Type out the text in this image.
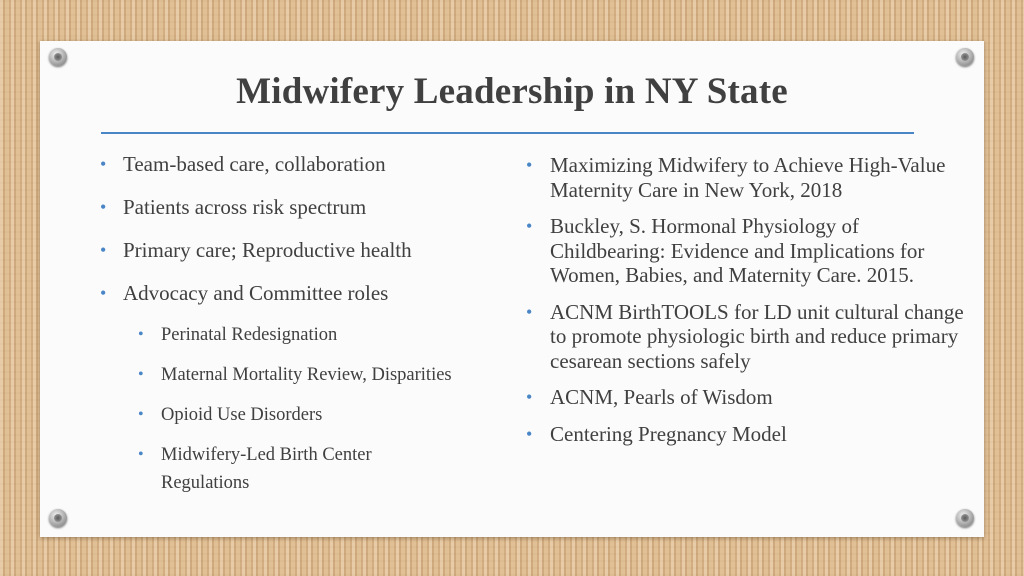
Midwifery Leadership in NY State
• Team-based care, collaboration
• Patients across risk spectrum
• Primary care; Reproductive health
• Advocacy and Committee roles
• Perinatal Redesignation
• Maternal Mortality Review, Disparities
• Opioid Use Disorders
• Midwifery-Led Birth Center Regulations
• Maximizing Midwifery to Achieve High-Value Maternity Care in New York, 2018
• Buckley, S. Hormonal Physiology of Childbearing: Evidence and Implications for Women, Babies, and Maternity Care. 2015.
• ACNM BirthTOOLS for LD unit cultural change to promote physiologic birth and reduce primary cesarean sections safely
• ACNM, Pearls of Wisdom
• Centering Pregnancy Model
